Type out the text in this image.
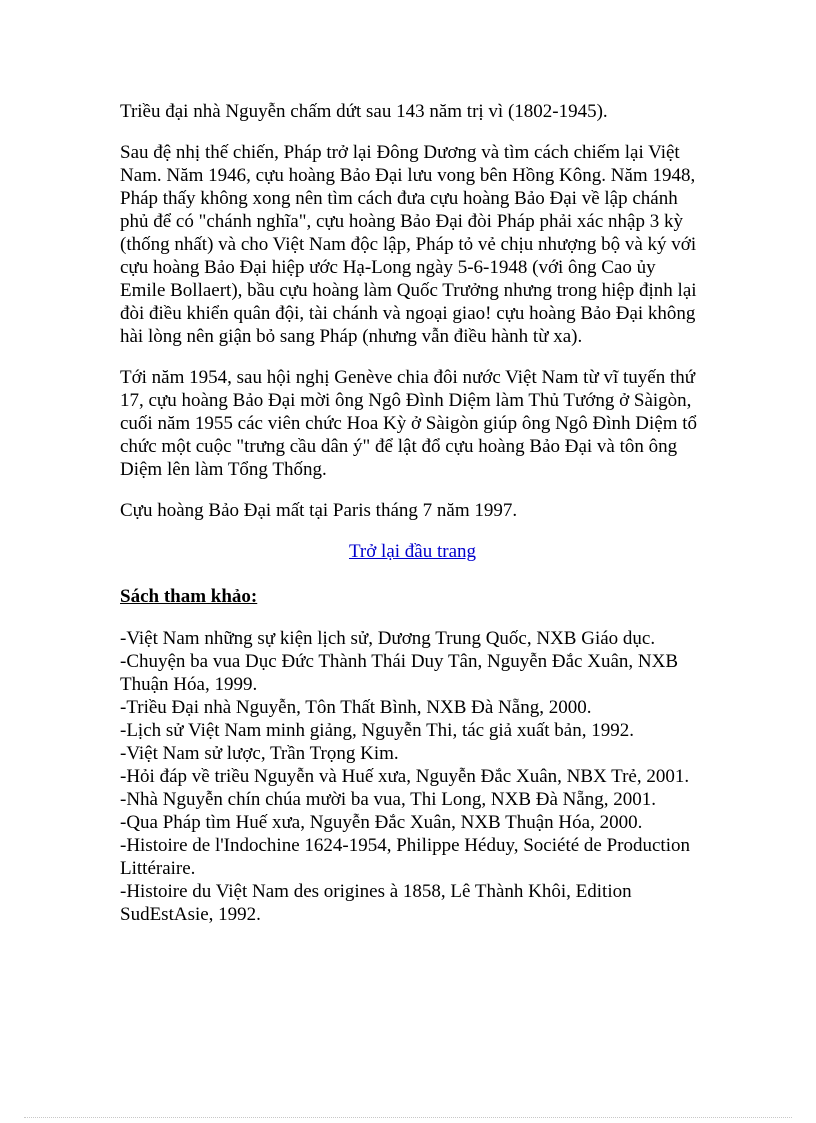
Triều đại nhà Nguyễn chấm dứt sau 143 năm trị vì (1802-1945).

Sau đệ nhị thế chiến, Pháp trở lại Đông Dương và tìm cách chiếm lại Việt Nam. Năm 1946, cựu hoàng Bảo Đại lưu vong bên Hồng Kông. Năm 1948, Pháp thấy không xong nên tìm cách đưa cựu hoàng Bảo Đại về lập chánh phủ để có "chánh nghĩa", cựu hoàng Bảo Đại đòi Pháp phải xác nhập 3 kỳ (thống nhất) và cho Việt Nam độc lập, Pháp tỏ vẻ chịu nhượng bộ và ký với cựu hoàng Bảo Đại hiệp ước Hạ-Long ngày 5-6-1948 (với ông Cao ủy Emile Bollaert), bầu cựu hoàng làm Quốc Trưởng nhưng trong hiệp định lại đòi điều khiển quân đội, tài chánh và ngoại giao! cựu hoàng Bảo Đại không hài lòng nên giận bỏ sang Pháp (nhưng vẫn điều hành từ xa).

Tới năm 1954, sau hội nghị Genève chia đôi nước Việt Nam từ vĩ tuyến thứ 17, cựu hoàng Bảo Đại mời ông Ngô Đình Diệm làm Thủ Tướng ở Sàigòn, cuối năm 1955 các viên chức Hoa Kỳ ở Sàigòn giúp ông Ngô Đình Diệm tổ chức một cuộc "trưng cầu dân ý" để lật đổ cựu hoàng Bảo Đại và tôn ông Diệm lên làm Tổng Thống.

Cựu hoàng Bảo Đại mất tại Paris tháng 7 năm 1997.

Trở lại đầu trang
Sách tham khảo:
-Việt Nam những sự kiện lịch sử, Dương Trung Quốc, NXB Giáo dục.
-Chuyện ba vua Dục Đức Thành Thái Duy Tân, Nguyễn Đắc Xuân, NXB Thuận Hóa, 1999.
-Triều Đại nhà Nguyễn, Tôn Thất Bình, NXB Đà Nẵng, 2000.
-Lịch sử Việt Nam minh giảng, Nguyễn Thi, tác giả xuất bản, 1992.
-Việt Nam sử lược, Trần Trọng Kim.
-Hỏi đáp về triều Nguyễn và Huế xưa, Nguyễn Đắc Xuân, NBX Trẻ, 2001.
-Nhà Nguyễn chín chúa mười ba vua, Thi Long, NXB Đà Nẵng, 2001.
-Qua Pháp tìm Huế xưa, Nguyễn Đắc Xuân, NXB Thuận Hóa, 2000.
-Histoire de l'Indochine 1624-1954, Philippe Héduy, Société de Production Littéraire.
-Histoire du Việt Nam des origines à 1858, Lê Thành Khôi, Edition SudEstAsie, 1992.
